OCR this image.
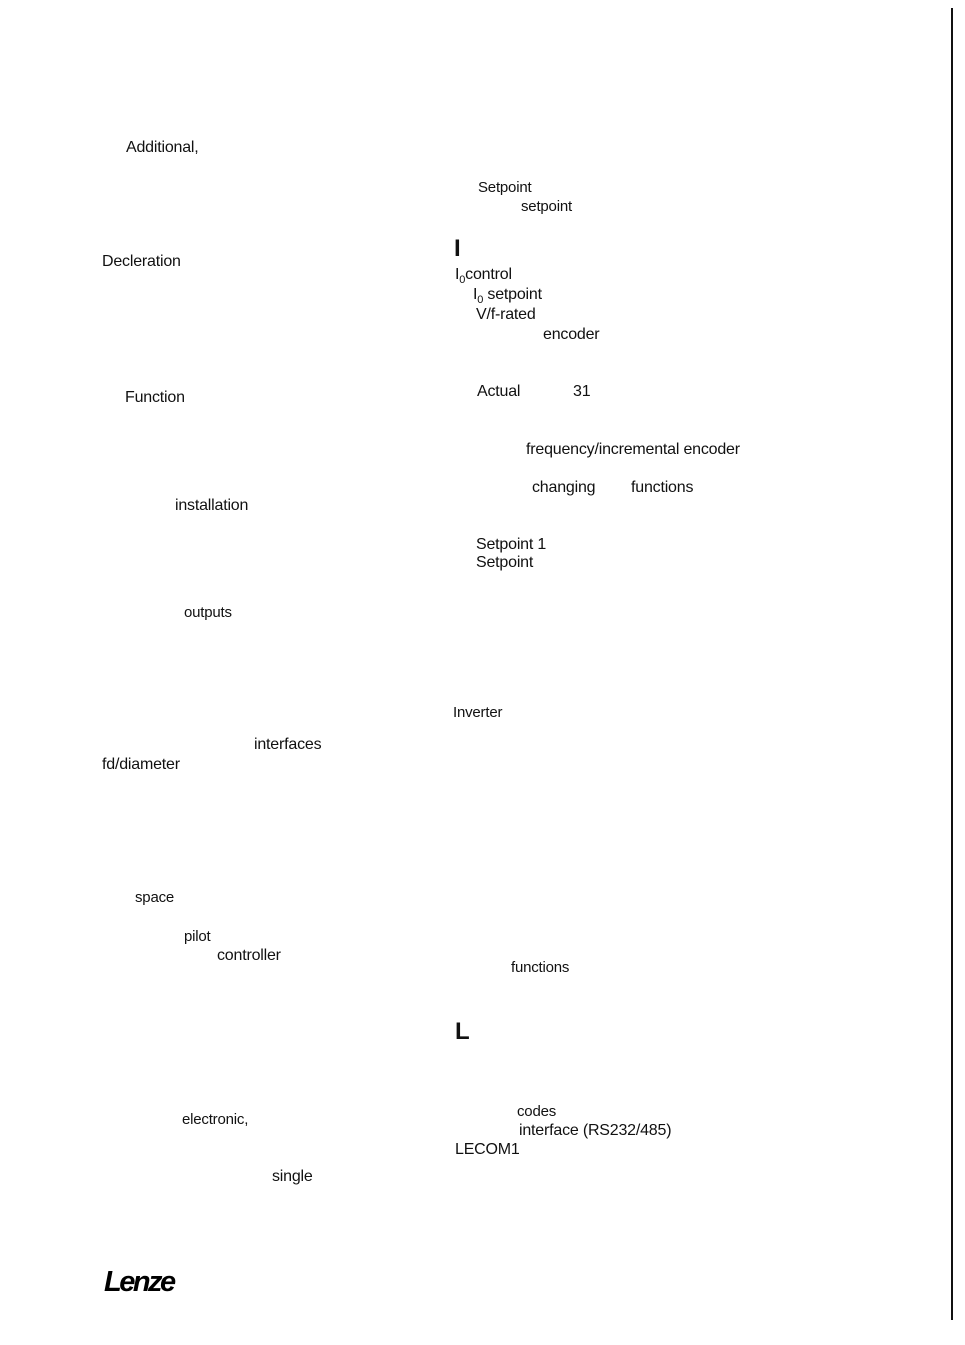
Additional,
Decleration
Function
installation
outputs
interfaces
fd/diameter
space
pilot
controller
electronic,
single
Setpoint
setpoint
I
$I_0control$
$I_0$ setpoint
V/f-rated
encoder
Actual	31
frequency/incremental encoder
changing functions
Setpoint 1
Setpoint
Inverter
functions
L
codes
interface (RS232/485)
LECOM1
Lenze
